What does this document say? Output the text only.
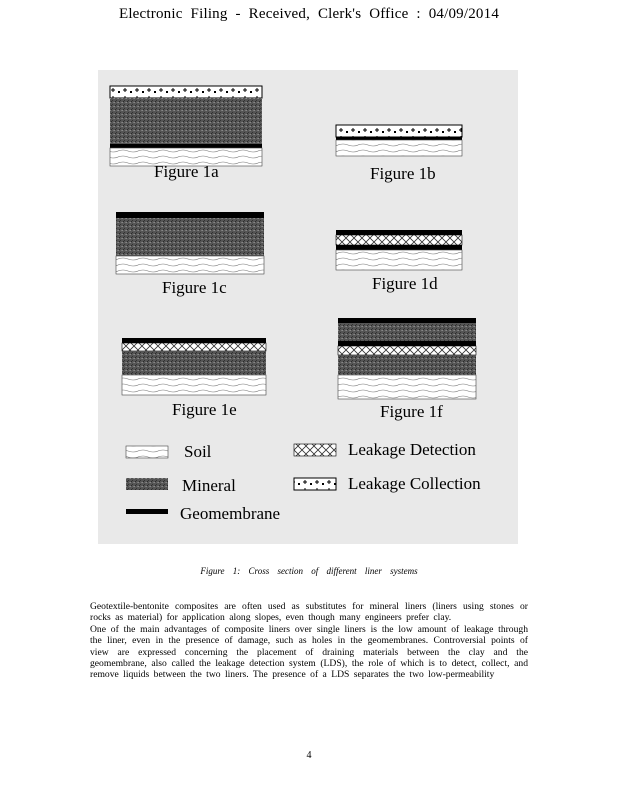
Electronic Filing - Received, Clerk's Office : 04/09/2014
Figure 1a	Figure 1b
Figure 1c	Figure 1d
Figure 1e	Figure 1f
Soil
Mineral
Geomembrane
Leakage Detection
Leakage Collection
Figure 1: Cross section of different liner systems

Geotextile-bentonite composites are often used as substitutes for mineral liners (liners using stones or rocks as material) for application along slopes, even though many engineers prefer clay.

One of the main advantages of composite liners over single liners is the low amount of leakage through the liner, even in the presence of damage, such as holes in the geomembranes. Controversial points of view are expressed concerning the placement of draining materials between the clay and the geomembrane, also called the leakage detection system (LDS), the role of which is to detect, collect, and remove liquids between the two liners. The presence of a LDS separates the two low-permeability

4
